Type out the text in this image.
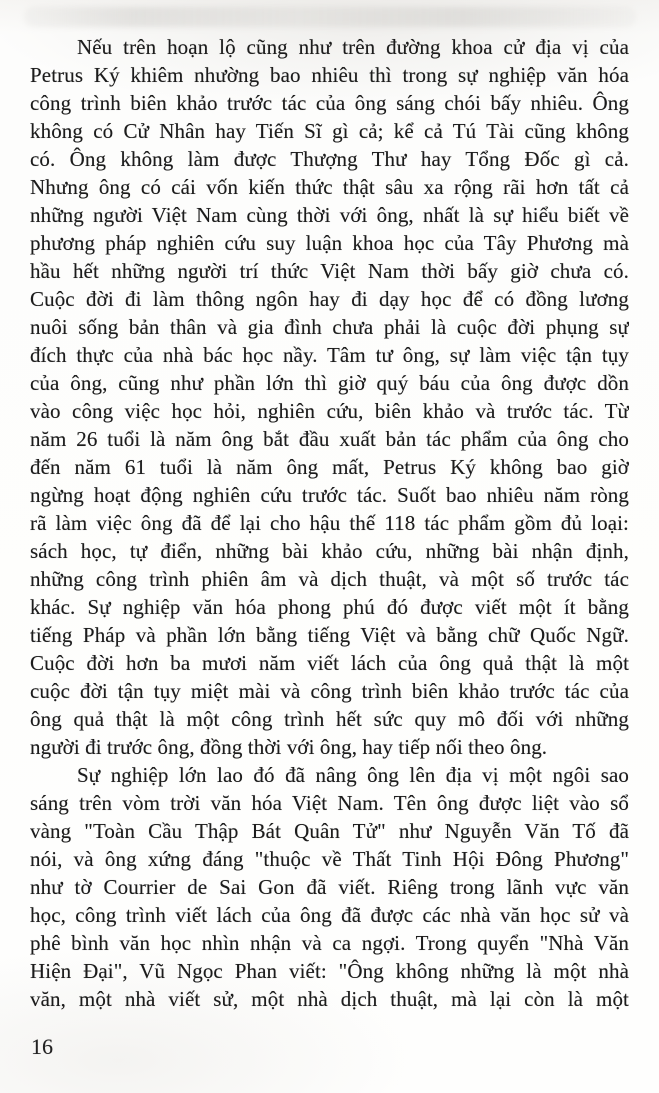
Nếu trên hoạn lộ cũng như trên đường khoa cử địa vị của
Petrus Ký khiêm nhường bao nhiêu thì trong sự nghiệp văn hóa
công trình biên khảo trước tác của ông sáng chói bấy nhiêu. Ông
không có Cử Nhân hay Tiến Sĩ gì cả; kể cả Tú Tài cũng không
có. Ông không làm được Thượng Thư hay Tổng Đốc gì cả.
Nhưng ông có cái vốn kiến thức thật sâu xa rộng rãi hơn tất cả
những người Việt Nam cùng thời với ông, nhất là sự hiểu biết về
phương pháp nghiên cứu suy luận khoa học của Tây Phương mà
hầu hết những người trí thức Việt Nam thời bấy giờ chưa có.
Cuộc đời đi làm thông ngôn hay đi dạy học để có đồng lương
nuôi sống bản thân và gia đình chưa phải là cuộc đời phụng sự
đích thực của nhà bác học nầy. Tâm tư ông, sự làm việc tận tụy
của ông, cũng như phần lớn thì giờ quý báu của ông được dồn
vào công việc học hỏi, nghiên cứu, biên khảo và trước tác. Từ
năm 26 tuổi là năm ông bắt đầu xuất bản tác phẩm của ông cho
đến năm 61 tuổi là năm ông mất, Petrus Ký không bao giờ
ngừng hoạt động nghiên cứu trước tác. Suốt bao nhiêu năm ròng
rã làm việc ông đã để lại cho hậu thế 118 tác phẩm gồm đủ loại:
sách học, tự điển, những bài khảo cứu, những bài nhận định,
những công trình phiên âm và dịch thuật, và một số trước tác
khác. Sự nghiệp văn hóa phong phú đó được viết một ít bằng
tiếng Pháp và phần lớn bằng tiếng Việt và bằng chữ Quốc Ngữ.
Cuộc đời hơn ba mươi năm viết lách của ông quả thật là một
cuộc đời tận tụy miệt mài và công trình biên khảo trước tác của
ông quả thật là một công trình hết sức quy mô đối với những
người đi trước ông, đồng thời với ông, hay tiếp nối theo ông.
Sự nghiệp lớn lao đó đã nâng ông lên địa vị một ngôi sao
sáng trên vòm trời văn hóa Việt Nam. Tên ông được liệt vào sổ
vàng "Toàn Cầu Thập Bát Quân Tử" như Nguyễn Văn Tố đã
nói, và ông xứng đáng "thuộc về Thất Tinh Hội Đông Phương"
như tờ Courrier de Sai Gon đã viết. Riêng trong lãnh vực văn
học, công trình viết lách của ông đã được các nhà văn học sử và
phê bình văn học nhìn nhận và ca ngợi. Trong quyển "Nhà Văn
Hiện Đại", Vũ Ngọc Phan viết: "Ông không những là một nhà
văn, một nhà viết sử, một nhà dịch thuật, mà lại còn là một
16
